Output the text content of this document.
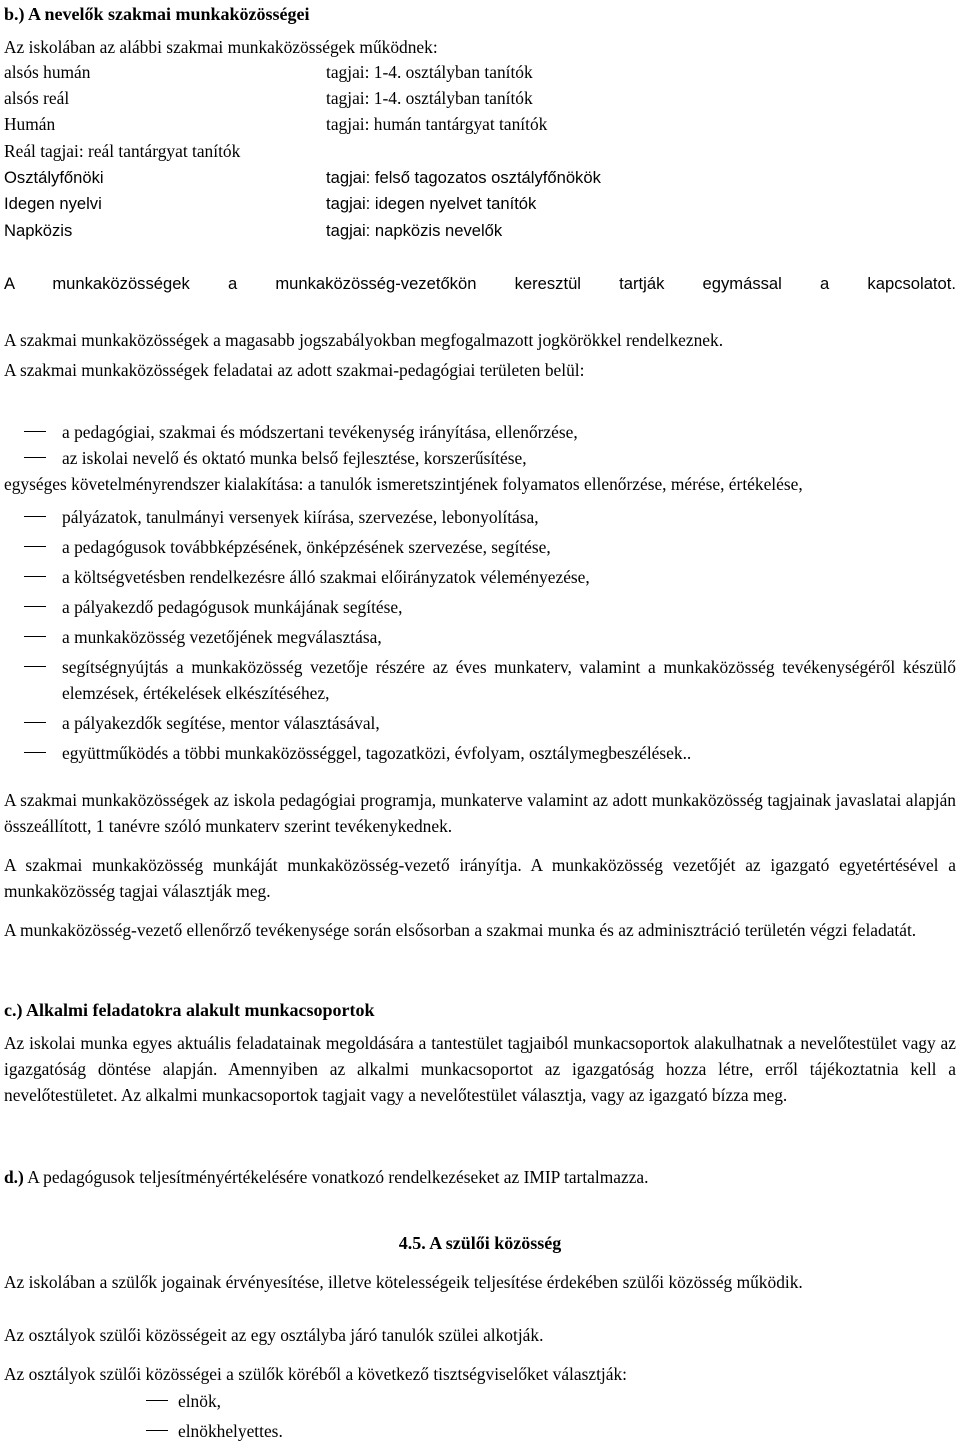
b.) A nevelők szakmai munkaközösségei

Az iskolában az alábbi szakmai munkaközösségek működnek:

alsós humán	tagjai: 1-4. osztályban tanítók
alsós reál	tagjai: 1-4. osztályban tanítók
Humán	tagjai: humán tantárgyat tanítók
Reál tagjai: reál tantárgyat tanítók
Osztályfőnöki	tagjai: felső tagozatos osztályfőnökök
Idegen nyelvi	tagjai: idegen nyelvet tanítók
Napközis	tagjai: napközis nevelők

A munkaközösségek a munkaközösség-vezetőkön keresztül tartják egymással a kapcsolatot.

A szakmai munkaközösségek a magasabb jogszabályokban megfogalmazott jogkörökkel rendelkeznek.

A szakmai munkaközösségek feladatai az adott szakmai-pedagógiai területen belül:

a pedagógiai, szakmai és módszertani tevékenység irányítása, ellenőrzése,
az iskolai nevelő és oktató munka belső fejlesztése, korszerűsítése,
egységes követelményrendszer kialakítása: a tanulók ismeretszintjének folyamatos ellenőrzése, mérése, értékelése,
pályázatok, tanulmányi versenyek kiírása, szervezése, lebonyolítása,
a pedagógusok továbbképzésének, önképzésének szervezése, segítése,
a költségvetésben rendelkezésre álló szakmai előirányzatok véleményezése,
a pályakezdő pedagógusok munkájának segítése,
a munkaközösség vezetőjének megválasztása,
segítségnyújtás a munkaközösség vezetője részére az éves munkaterv, valamint a munkaközösség tevékenységéről készülő elemzések, értékelések elkészítéséhez,
a pályakezdők segítése, mentor választásával,
együttműködés a többi munkaközösséggel, tagozatközi, évfolyam, osztálymegbeszélések..

A szakmai munkaközösségek az iskola pedagógiai programja, munkaterve valamint az adott munkaközösség tagjainak javaslatai alapján összeállított, 1 tanévre szóló munkaterv szerint tevékenykednek.

A szakmai munkaközösség munkáját munkaközösség-vezető irányítja. A munkaközösség vezetőjét az igazgató egyetértésével a munkaközösség tagjai választják meg.

A munkaközösség-vezető ellenőrző tevékenysége során elsősorban a szakmai munka és az adminisztráció területén végzi feladatát.

c.) Alkalmi feladatokra alakult munkacsoportok

Az iskolai munka egyes aktuális feladatainak megoldására a tantestület tagjaiból munkacsoportok alakulhatnak a nevelőtestület vagy az igazgatóság döntése alapján. Amennyiben az alkalmi munkacsoportot az igazgatóság hozza létre, erről tájékoztatnia kell a nevelőtestületet. Az alkalmi munkacsoportok tagjait vagy a nevelőtestület választja, vagy az igazgató bízza meg.

d.) A pedagógusok teljesítményértékelésére vonatkozó rendelkezéseket az IMIP tartalmazza.

4.5. A szülői közösség

Az iskolában a szülők jogainak érvényesítése, illetve kötelességeik teljesítése érdekében szülői közösség működik.

Az osztályok szülői közösségeit az egy osztályba járó tanulók szülei alkotják.

Az osztályok szülői közösségei a szülők köréből a következő tisztségviselőket választják:

elnök,
elnökhelyettes.
